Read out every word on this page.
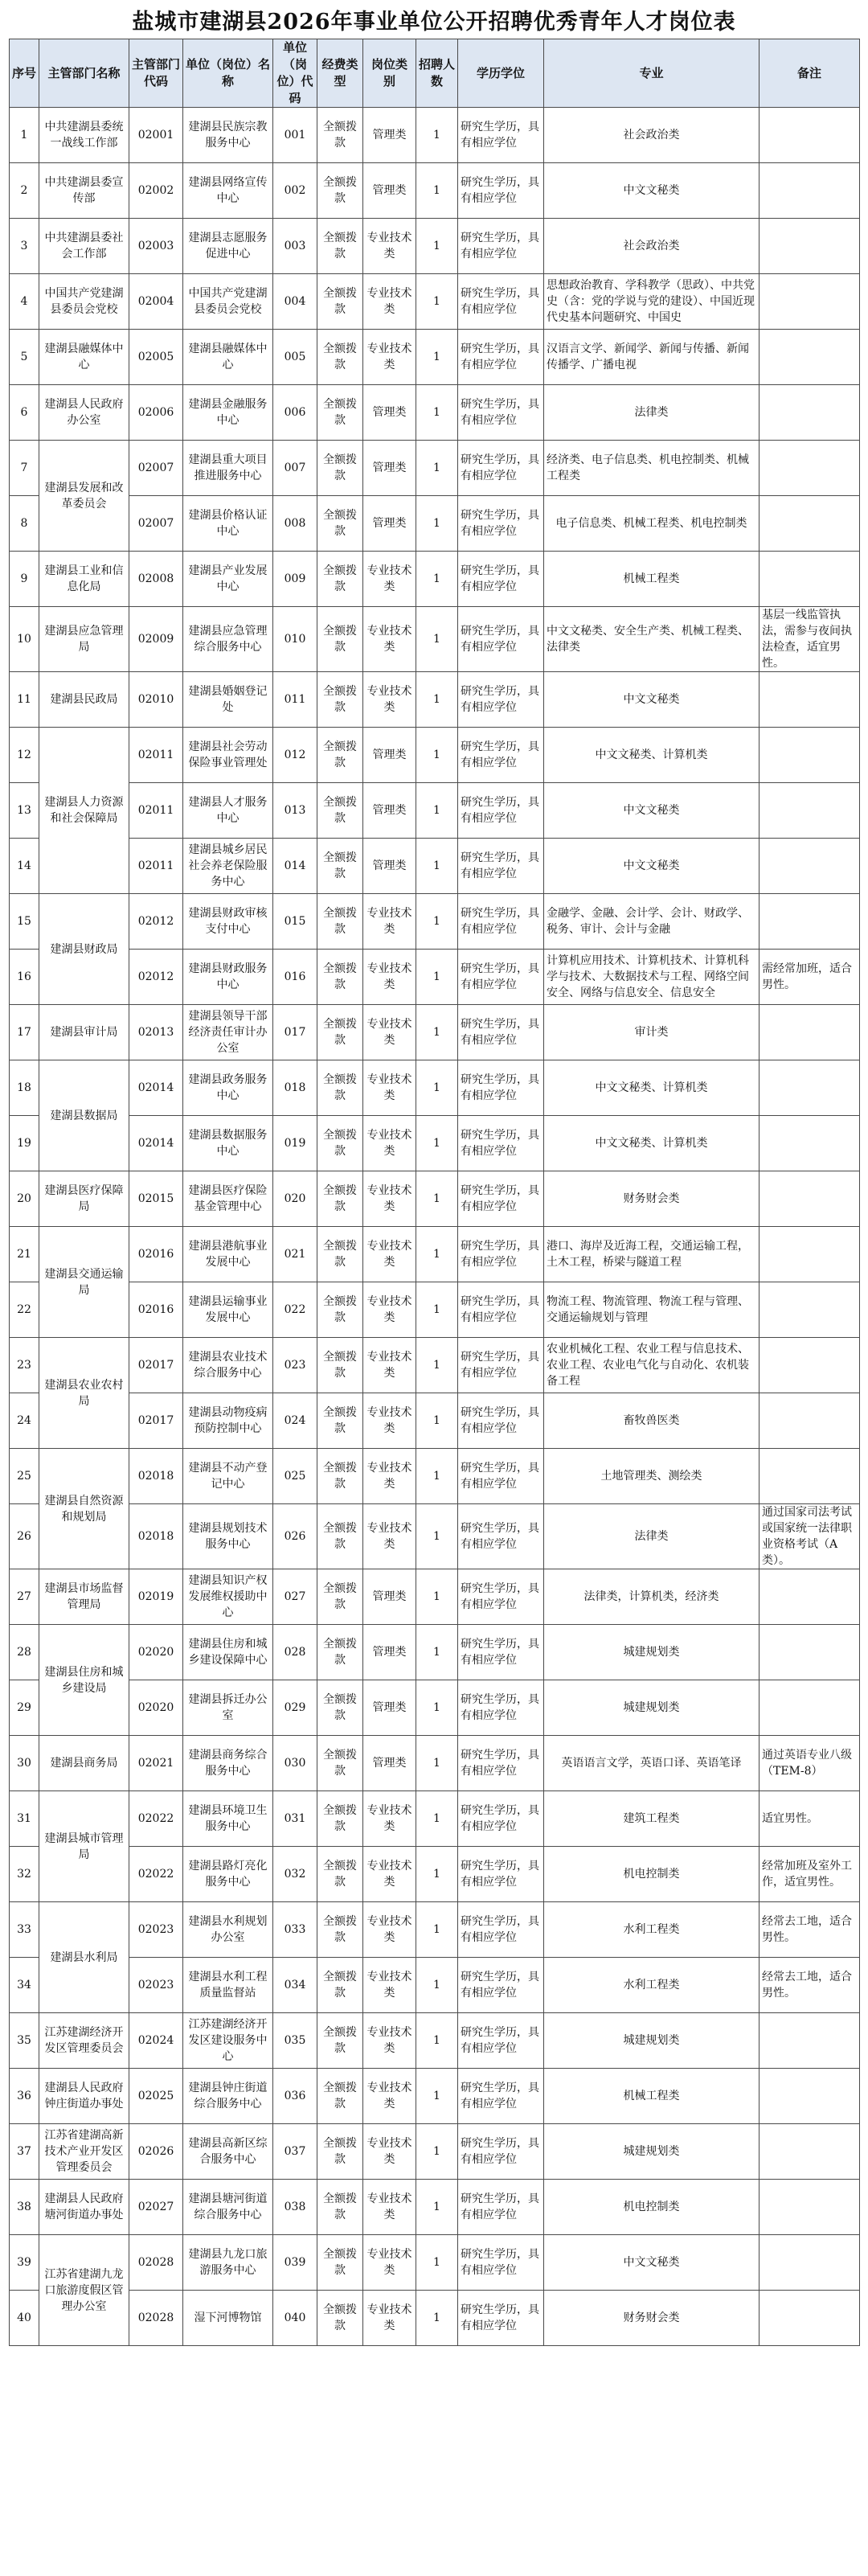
盐城市建湖县2026年事业单位公开招聘优秀青年人才岗位表
序号	主管部门名称	主管部门代码	单位（岗位）名称	单位（岗位）代码	经费类型	岗位类别	招聘人数	学历学位	专业	备注
1	中共建湖县委统一战线工作部	02001	建湖县民族宗教服务中心	001	全额拨款	管理类	1	研究生学历，具有相应学位	社会政治类	
2	中共建湖县委宣传部	02002	建湖县网络宣传中心	002	全额拨款	管理类	1	研究生学历，具有相应学位	中文文秘类	
3	中共建湖县委社会工作部	02003	建湖县志愿服务促进中心	003	全额拨款	专业技术类	1	研究生学历，具有相应学位	社会政治类	
4	中国共产党建湖县委员会党校	02004	中国共产党建湖县委员会党校	004	全额拨款	专业技术类	1	研究生学历，具有相应学位	思想政治教育、学科教学（思政）、中共党史（含：党的学说与党的建设）、中国近现代史基本问题研究、中国史	
5	建湖县融媒体中心	02005	建湖县融媒体中心	005	全额拨款	专业技术类	1	研究生学历，具有相应学位	汉语言文学、新闻学、新闻与传播、新闻传播学、广播电视	
6	建湖县人民政府办公室	02006	建湖县金融服务中心	006	全额拨款	管理类	1	研究生学历，具有相应学位	法律类	
7	建湖县发展和改革委员会	02007	建湖县重大项目推进服务中心	007	全额拨款	管理类	1	研究生学历，具有相应学位	经济类、电子信息类、机电控制类、机械工程类	
8		02007	建湖县价格认证中心	008	全额拨款	管理类	1	研究生学历，具有相应学位	电子信息类、机械工程类、机电控制类	
9	建湖县工业和信息化局	02008	建湖县产业发展中心	009	全额拨款	专业技术类	1	研究生学历，具有相应学位	机械工程类	
10	建湖县应急管理局	02009	建湖县应急管理综合服务中心	010	全额拨款	专业技术类	1	研究生学历，具有相应学位	中文文秘类、安全生产类、机械工程类、法律类	基层一线监管执法，需参与夜间执法检查，适宜男性。
11	建湖县民政局	02010	建湖县婚姻登记处	011	全额拨款	专业技术类	1	研究生学历，具有相应学位	中文文秘类	
12	建湖县人力资源和社会保障局	02011	建湖县社会劳动保险事业管理处	012	全额拨款	管理类	1	研究生学历，具有相应学位	中文文秘类、计算机类	
13		02011	建湖县人才服务中心	013	全额拨款	管理类	1	研究生学历，具有相应学位	中文文秘类	
14		02011	建湖县城乡居民社会养老保险服务中心	014	全额拨款	管理类	1	研究生学历，具有相应学位	中文文秘类	
15	建湖县财政局	02012	建湖县财政审核支付中心	015	全额拨款	专业技术类	1	研究生学历，具有相应学位	金融学、金融、会计学、会计、财政学、税务、审计、会计与金融	
16		02012	建湖县财政服务中心	016	全额拨款	专业技术类	1	研究生学历，具有相应学位	计算机应用技术、计算机技术、计算机科学与技术、大数据技术与工程、网络空间安全、网络与信息安全、信息安全	需经常加班，适合男性。
17	建湖县审计局	02013	建湖县领导干部经济责任审计办公室	017	全额拨款	专业技术类	1	研究生学历，具有相应学位	审计类	
18	建湖县数据局	02014	建湖县政务服务中心	018	全额拨款	专业技术类	1	研究生学历，具有相应学位	中文文秘类、计算机类	
19		02014	建湖县数据服务中心	019	全额拨款	专业技术类	1	研究生学历，具有相应学位	中文文秘类、计算机类	
20	建湖县医疗保障局	02015	建湖县医疗保险基金管理中心	020	全额拨款	专业技术类	1	研究生学历，具有相应学位	财务财会类	
21	建湖县交通运输局	02016	建湖县港航事业发展中心	021	全额拨款	专业技术类	1	研究生学历，具有相应学位	港口、海岸及近海工程，交通运输工程，土木工程，桥梁与隧道工程	
22		02016	建湖县运输事业发展中心	022	全额拨款	专业技术类	1	研究生学历，具有相应学位	物流工程、物流管理、物流工程与管理、交通运输规划与管理	
23	建湖县农业农村局	02017	建湖县农业技术综合服务中心	023	全额拨款	专业技术类	1	研究生学历，具有相应学位	农业机械化工程、农业工程与信息技术、农业工程、农业电气化与自动化、农机装备工程	
24		02017	建湖县动物疫病预防控制中心	024	全额拨款	专业技术类	1	研究生学历，具有相应学位	畜牧兽医类	
25	建湖县自然资源和规划局	02018	建湖县不动产登记中心	025	全额拨款	专业技术类	1	研究生学历，具有相应学位	土地管理类、测绘类	
26		02018	建湖县规划技术服务中心	026	全额拨款	专业技术类	1	研究生学历，具有相应学位	法律类	通过国家司法考试或国家统一法律职业资格考试（A类）。
27	建湖县市场监督管理局	02019	建湖县知识产权发展维权援助中心	027	全额拨款	管理类	1	研究生学历，具有相应学位	法律类，计算机类，经济类	
28	建湖县住房和城乡建设局	02020	建湖县住房和城乡建设保障中心	028	全额拨款	管理类	1	研究生学历，具有相应学位	城建规划类	
29		02020	建湖县拆迁办公室	029	全额拨款	管理类	1	研究生学历，具有相应学位	城建规划类	
30	建湖县商务局	02021	建湖县商务综合服务中心	030	全额拨款	管理类	1	研究生学历，具有相应学位	英语语言文学，英语口译、英语笔译	通过英语专业八级（TEM-8）
31	建湖县城市管理局	02022	建湖县环境卫生服务中心	031	全额拨款	专业技术类	1	研究生学历，具有相应学位	建筑工程类	适宜男性。
32		02022	建湖县路灯亮化服务中心	032	全额拨款	专业技术类	1	研究生学历，具有相应学位	机电控制类	经常加班及室外工作，适宜男性。
33	建湖县水利局	02023	建湖县水利规划办公室	033	全额拨款	专业技术类	1	研究生学历，具有相应学位	水利工程类	经常去工地，适合男性。
34		02023	建湖县水利工程质量监督站	034	全额拨款	专业技术类	1	研究生学历，具有相应学位	水利工程类	经常去工地，适合男性。
35	江苏建湖经济开发区管理委员会	02024	江苏建湖经济开发区建设服务中心	035	全额拨款	专业技术类	1	研究生学历，具有相应学位	城建规划类	
36	建湖县人民政府钟庄街道办事处	02025	建湖县钟庄街道综合服务中心	036	全额拨款	专业技术类	1	研究生学历，具有相应学位	机械工程类	
37	江苏省建湖高新技术产业开发区管理委员会	02026	建湖县高新区综合服务中心	037	全额拨款	专业技术类	1	研究生学历，具有相应学位	城建规划类	
38	建湖县人民政府塘河街道办事处	02027	建湖县塘河街道综合服务中心	038	全额拨款	专业技术类	1	研究生学历，具有相应学位	机电控制类	
39	江苏省建湖九龙口旅游度假区管理办公室	02028	建湖县九龙口旅游服务中心	039	全额拨款	专业技术类	1	研究生学历，具有相应学位	中文文秘类	
40		02028	湿下河博物馆	040	全额拨款	专业技术类	1	研究生学历，具有相应学位	财务财会类	
